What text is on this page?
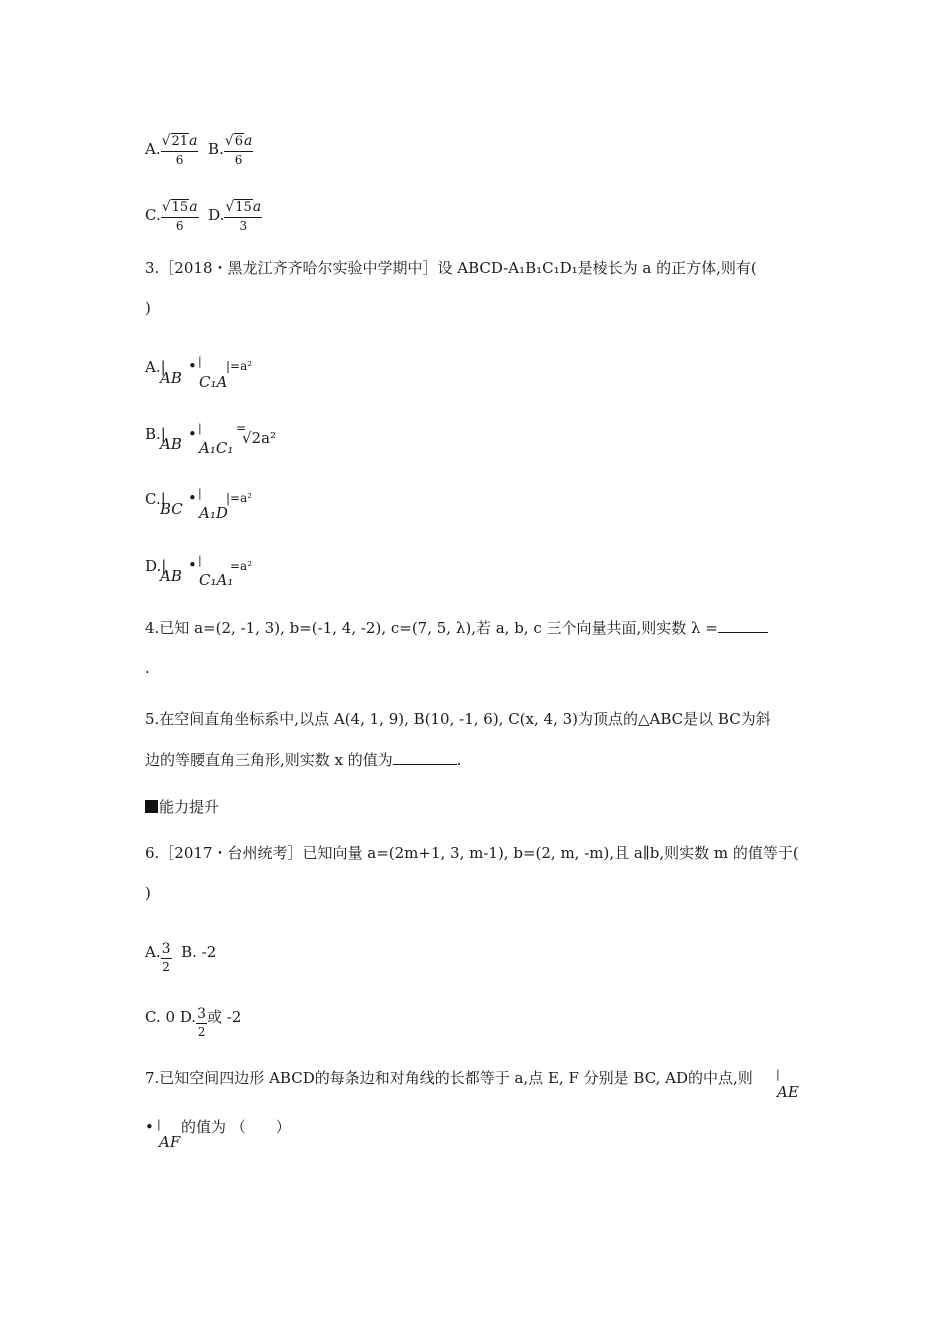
A. $\frac{√21a}{6} B$. $\frac{√6a}{6}$
C. $\frac{√15a}{6} D$. $\frac{√15a}{3}$
3.［2018・黑龙江齐齐哈尔实验中学期中］设 ABCD-A₁B₁C₁D₁是棱长为 a 的正方体,则有(
)
A.|
AB
• |
C₁A
|=a²
B.|
AB
• |
A₁C₁
=
√2a²
C.|
BC
• |
A₁D
|=a²
D.|
AB
• |
C₁A₁
=a²
4.已知 a=(2, -1, 3), b=(-1, 4, -2), c=(7, 5, λ),若 a, b, c 三个向量共面,则实数 λ =
.
5.在空间直角坐标系中,以点 A(4, 1, 9), B(10, -1, 6), C(x, 4, 3)为顶点的△ABC是以 BC为斜
边的等腰直角三角形,则实数 x 的值为	.
能力提升
6.［2017・台州统考］已知向量 a=(2m+1, 3, m-1), b=(2, m, -m),且 a∥b,则实数 m 的值等于(
)
A. $\frac{3}{2} B$. -2
C. 0 D. $\frac{3}{2}$ 或 -2
7.已知空间四边形 ABCD的每条边和对角线的长都等于 a,点 E, F 分别是 BC, AD的中点,则 |
AE
• |
AF
的值为 （　　）
